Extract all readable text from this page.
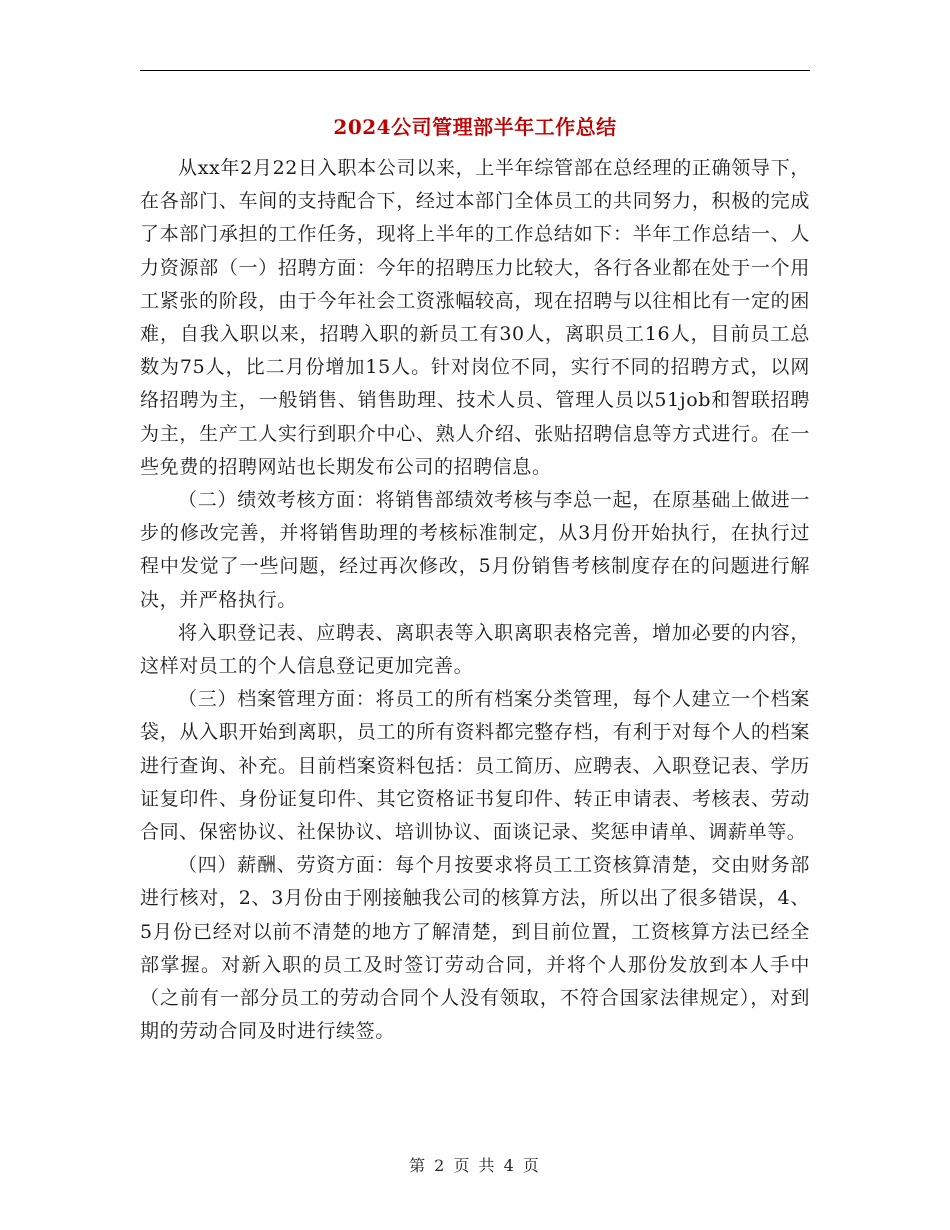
2024公司管理部半年工作总结

从xx年2月22日入职本公司以来，上半年综管部在总经理的正确领导下，在各部门、车间的支持配合下，经过本部门全体员工的共同努力，积极的完成了本部门承担的工作任务，现将上半年的工作总结如下：半年工作总结一、人力资源部（一）招聘方面：今年的招聘压力比较大，各行各业都在处于一个用工紧张的阶段，由于今年社会工资涨幅较高，现在招聘与以往相比有一定的困难，自我入职以来，招聘入职的新员工有30人，离职员工16人，目前员工总数为75人，比二月份增加15人。针对岗位不同，实行不同的招聘方式，以网络招聘为主，一般销售、销售助理、技术人员、管理人员以51job和智联招聘为主，生产工人实行到职介中心、熟人介绍、张贴招聘信息等方式进行。在一些免费的招聘网站也长期发布公司的招聘信息。

（二）绩效考核方面：将销售部绩效考核与李总一起，在原基础上做进一步的修改完善，并将销售助理的考核标准制定，从3月份开始执行，在执行过程中发觉了一些问题，经过再次修改，5月份销售考核制度存在的问题进行解决，并严格执行。

将入职登记表、应聘表、离职表等入职离职表格完善，增加必要的内容，这样对员工的个人信息登记更加完善。

（三）档案管理方面：将员工的所有档案分类管理，每个人建立一个档案袋，从入职开始到离职，员工的所有资料都完整存档，有利于对每个人的档案进行查询、补充。目前档案资料包括：员工简历、应聘表、入职登记表、学历证复印件、身份证复印件、其它资格证书复印件、转正申请表、考核表、劳动合同、保密协议、社保协议、培训协议、面谈记录、奖惩申请单、调薪单等。

（四）薪酬、劳资方面：每个月按要求将员工工资核算清楚，交由财务部进行核对，2、3月份由于刚接触我公司的核算方法，所以出了很多错误，4、5月份已经对以前不清楚的地方了解清楚，到目前位置，工资核算方法已经全部掌握。对新入职的员工及时签订劳动合同，并将个人那份发放到本人手中（之前有一部分员工的劳动合同个人没有领取，不符合国家法律规定），对到期的劳动合同及时进行续签。

第 2 页 共 4 页
